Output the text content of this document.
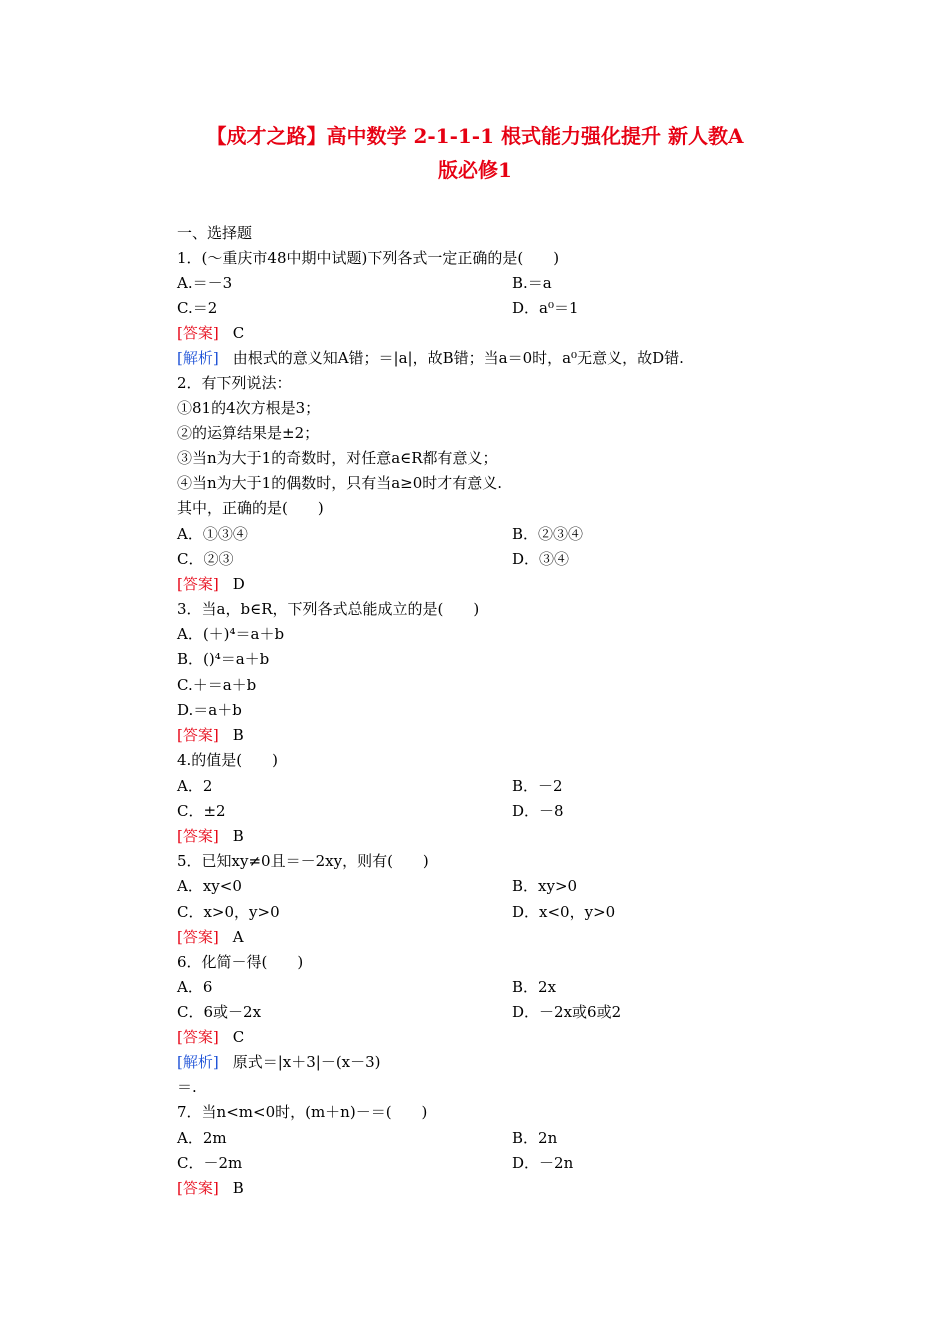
【成才之路】高中数学 2-1-1-1 根式能力强化提升 新人教A
版必修1
一、选择题
1．(～重庆市48中期中试题)下列各式一定正确的是(　　)
A.＝－3	B.＝a
C.＝2	D．a⁰＝1
[答案] C
[解析] 由根式的意义知A错；＝|a|，故B错；当a＝0时，a⁰无意义，故D错.
2．有下列说法：
①81的4次方根是3；
②的运算结果是±2；
③当n为大于1的奇数时，对任意a∈R都有意义；
④当n为大于1的偶数时，只有当a≥0时才有意义.
其中，正确的是(　　)
A．①③④	B．②③④
C．②③	D．③④
[答案] D
3．当a，b∈R，下列各式总能成立的是(　　)
A．(＋)⁴＝a＋b
B．()⁴＝a＋b
C.＋＝a＋b
D.＝a＋b
[答案] B
4.的值是(　　)
A．2	B．－2
C．±2	D．－8
[答案] B
5．已知xy≠0且＝－2xy，则有(　　)
A．xy<0	B．xy>0
C．x>0，y>0	D．x<0，y>0
[答案] A
6．化简－得(　　)
A．6	B．2x
C．6或－2x	D．－2x或6或2
[答案] C
[解析] 原式＝|x＋3|－(x－3)
＝.
7．当n<m<0时，(m＋n)－＝(　　)
A．2m	B．2n
C．－2m	D．－2n
[答案] B
